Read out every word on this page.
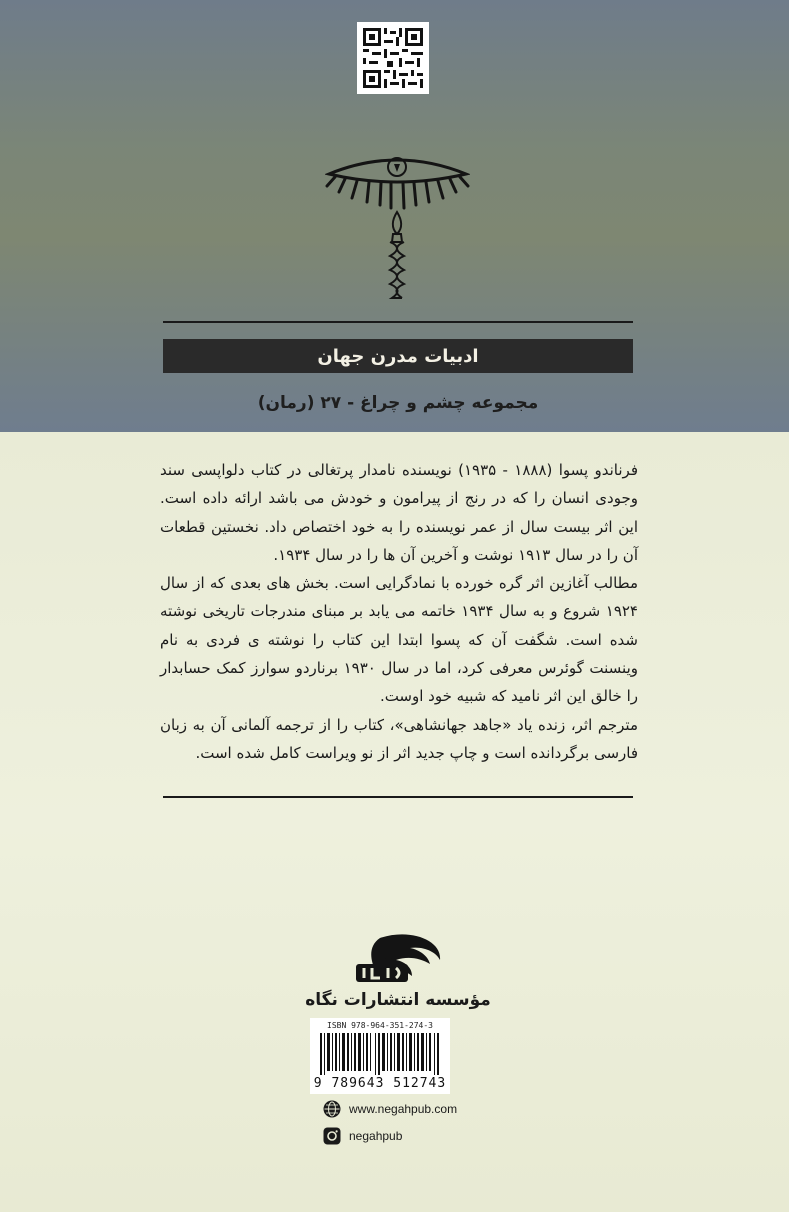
ادبیات مدرن جهان
مجموعه چشم و چراغ - ۲۷ (رمان)

فرناندو پسوا (۱۸۸۸ - ۱۹۳۵) نویسنده نامدار پرتغالی در کتاب دلواپسی سند وجودی انسان را که در رنج از پیرامون و خودش می باشد ارائه داده است. این اثر بیست سال از عمر نویسنده را به خود اختصاص داد. نخستین قطعات آن را در سال ۱۹۱۳ نوشت و آخرین آن ها را در سال ۱۹۳۴.

مطالب آغازین اثر گره خورده با نمادگرایی است. بخش های بعدی که از سال ۱۹۲۴ شروع و به سال ۱۹۳۴ خاتمه می یابد بر مبنای مندرجات تاریخی نوشته شده است. شگفت آن که پسوا ابتدا این کتاب را نوشته ی فردی به نام وینسنت گوئرس معرفی کرد، اما در سال ۱۹۳۰ برناردو سوارز کمک حسابدار را خالق این اثر نامید که شبیه خود اوست.

مترجم اثر، زنده یاد «جاهد جهانشاهی»، کتاب را از ترجمه آلمانی آن به زبان فارسی برگردانده است و چاپ جدید اثر از نو ویراست کامل شده است.

مؤسسه انتشارات نگاه
ISBN 978-964-351-274-3
9 789643 512743
www.negahpub.com
negahpub
